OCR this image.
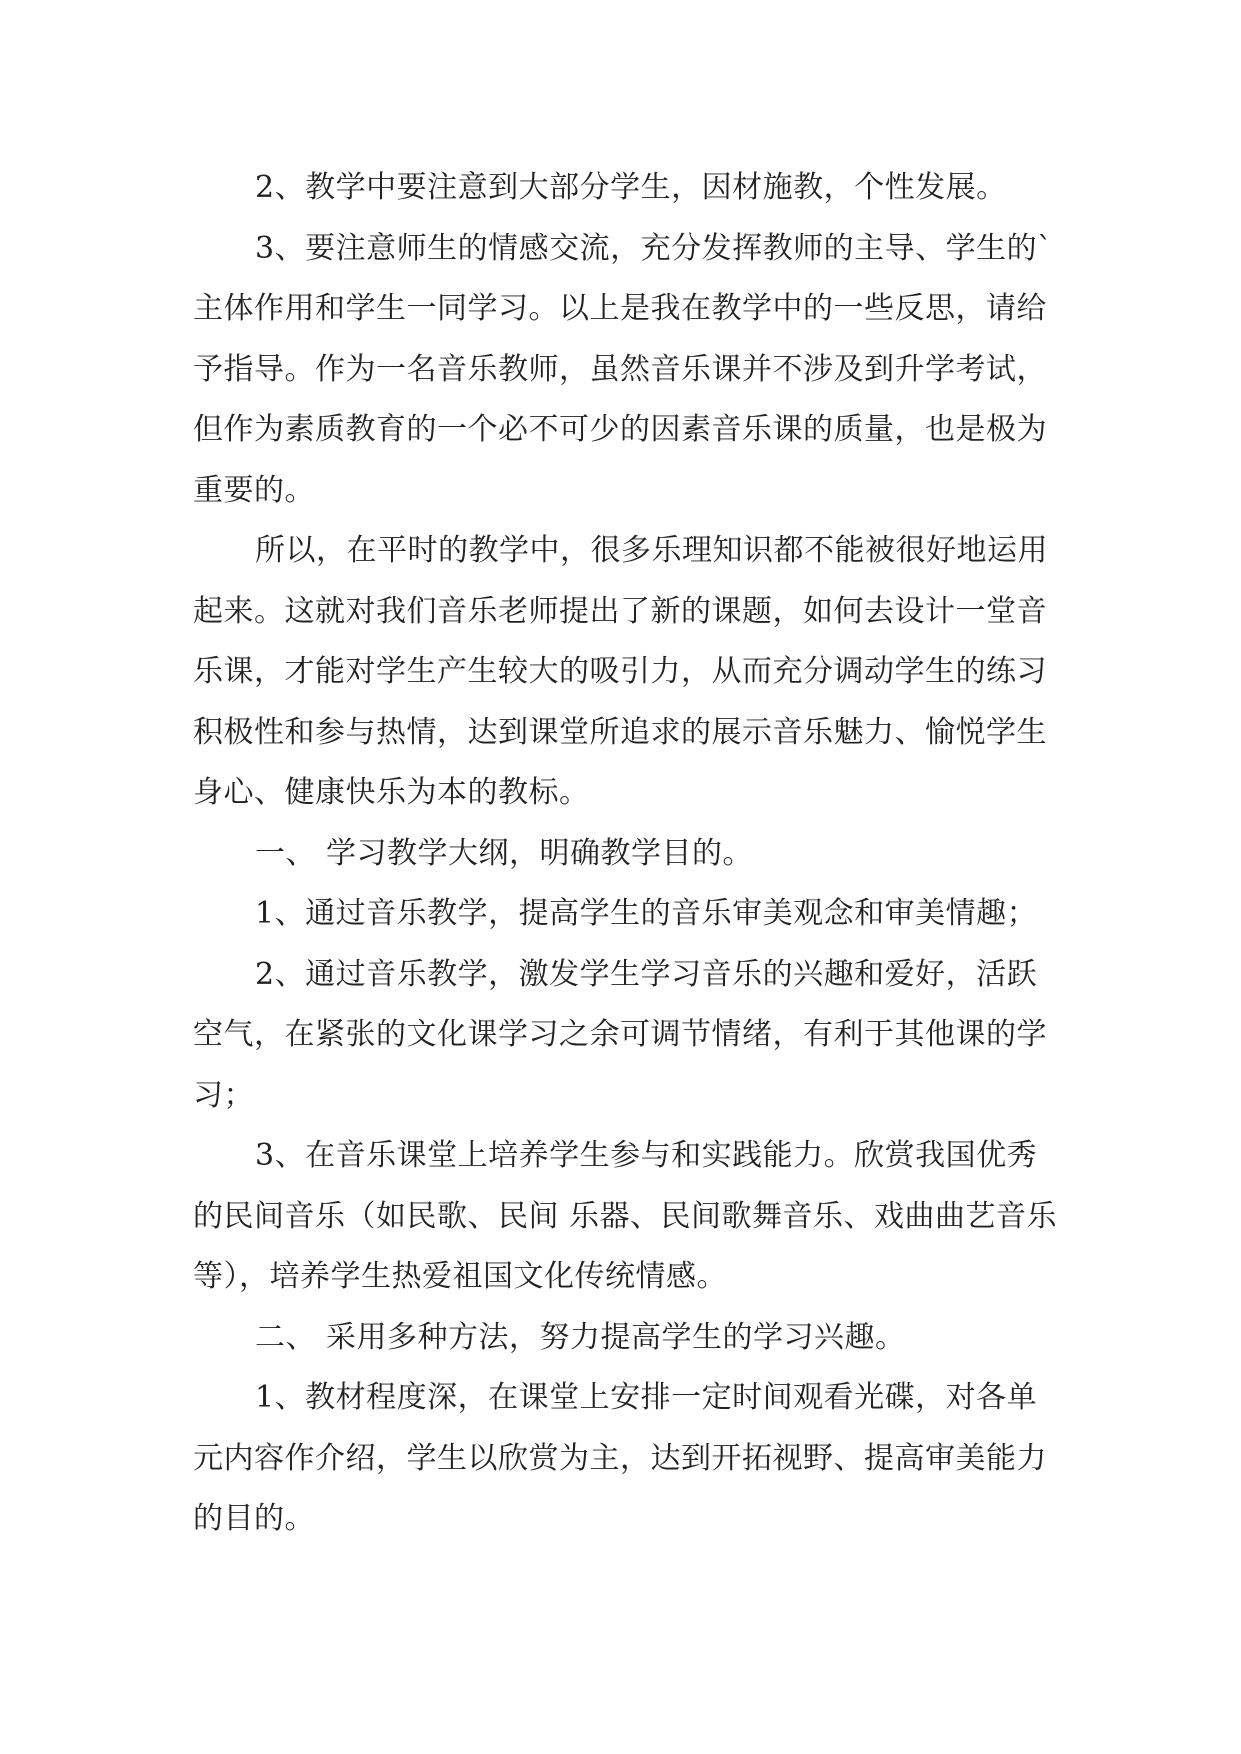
2、教学中要注意到大部分学生，因材施教，个性发展。

3、要注意师生的情感交流，充分发挥教师的主导、学生的`主体作用和学生一同学习。以上是我在教学中的一些反思，请给予指导。作为一名音乐教师，虽然音乐课并不涉及到升学考试，但作为素质教育的一个必不可少的因素音乐课的质量，也是极为重要的。

所以，在平时的教学中，很多乐理知识都不能被很好地运用起来。这就对我们音乐老师提出了新的课题，如何去设计一堂音乐课，才能对学生产生较大的吸引力，从而充分调动学生的练习积极性和参与热情，达到课堂所追求的展示音乐魅力、愉悦学生身心、健康快乐为本的教标。

一、 学习教学大纲，明确教学目的。

1、通过音乐教学，提高学生的音乐审美观念和审美情趣；

2、通过音乐教学，激发学生学习音乐的兴趣和爱好，活跃空气，在紧张的文化课学习之余可调节情绪，有利于其他课的学习；

3、在音乐课堂上培养学生参与和实践能力。欣赏我国优秀的民间音乐（如民歌、民间 乐器、民间歌舞音乐、戏曲曲艺音乐等），培养学生热爱祖国文化传统情感。

二、 采用多种方法，努力提高学生的学习兴趣。

1、教材程度深，在课堂上安排一定时间观看光碟，对各单元内容作介绍，学生以欣赏为主，达到开拓视野、提高审美能力的目的。
